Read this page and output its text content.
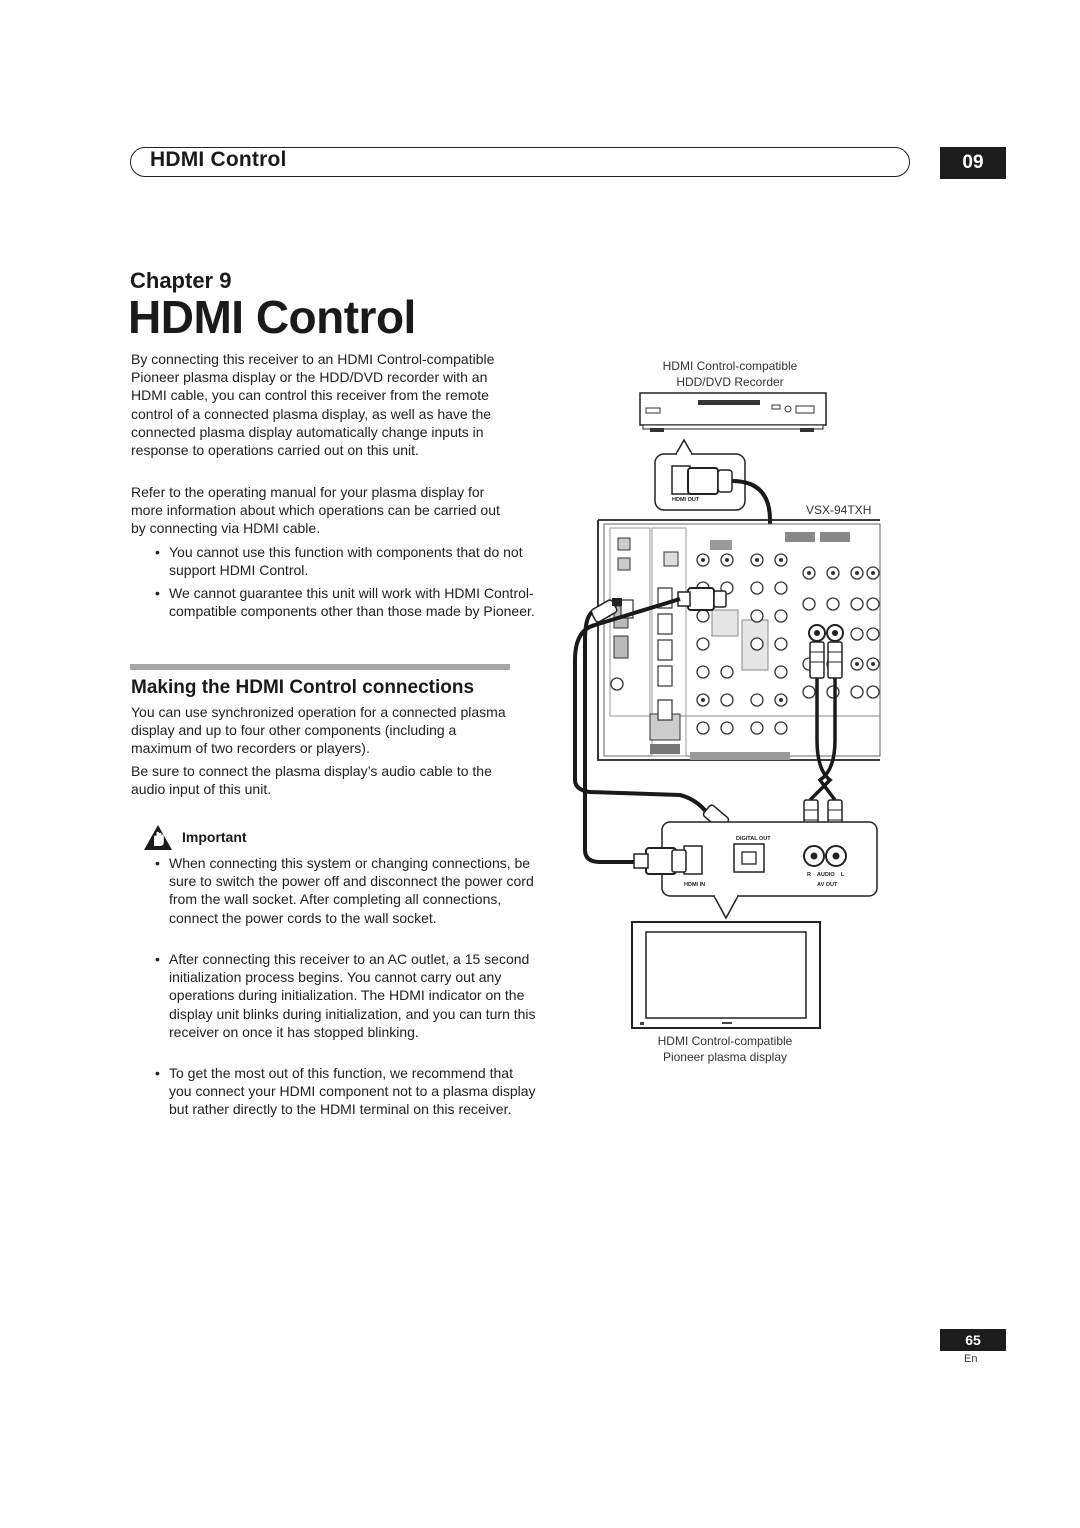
HDMI Control	09
Chapter 9
HDMI Control
By connecting this receiver to an HDMI Control-compatible Pioneer plasma display or the HDD/DVD recorder with an HDMI cable, you can control this receiver from the remote control of a connected plasma display, as well as have the connected plasma display automatically change inputs in response to operations carried out on this unit.
Refer to the operating manual for your plasma display for more information about which operations can be carried out by connecting via HDMI cable.
• You cannot use this function with components that do not support HDMI Control.
• We cannot guarantee this unit will work with HDMI Control-compatible components other than those made by Pioneer.
Making the HDMI Control connections
You can use synchronized operation for a connected plasma display and up to four other components (including a maximum of two recorders or players).
Be sure to connect the plasma display’s audio cable to the audio input of this unit.
Important
• When connecting this system or changing connections, be sure to switch the power off and disconnect the power cord from the wall socket. After completing all connections, connect the power cords to the wall socket.
• After connecting this receiver to an AC outlet, a 15 second initialization process begins. You cannot carry out any operations during initialization. The HDMI indicator on the display unit blinks during initialization, and you can turn this receiver on once it has stopped blinking.
• To get the most out of this function, we recommend that you connect your HDMI component not to a plasma display but rather directly to the HDMI terminal on this receiver.
HDMI Control-compatible
HDD/DVD Recorder
VSX-94TXH
HDMI Control-compatible
Pioneer plasma display
HDMI OUT
HDMI IN
DIGITAL OUT
R    AUDIO    L
AV OUT
65
En
